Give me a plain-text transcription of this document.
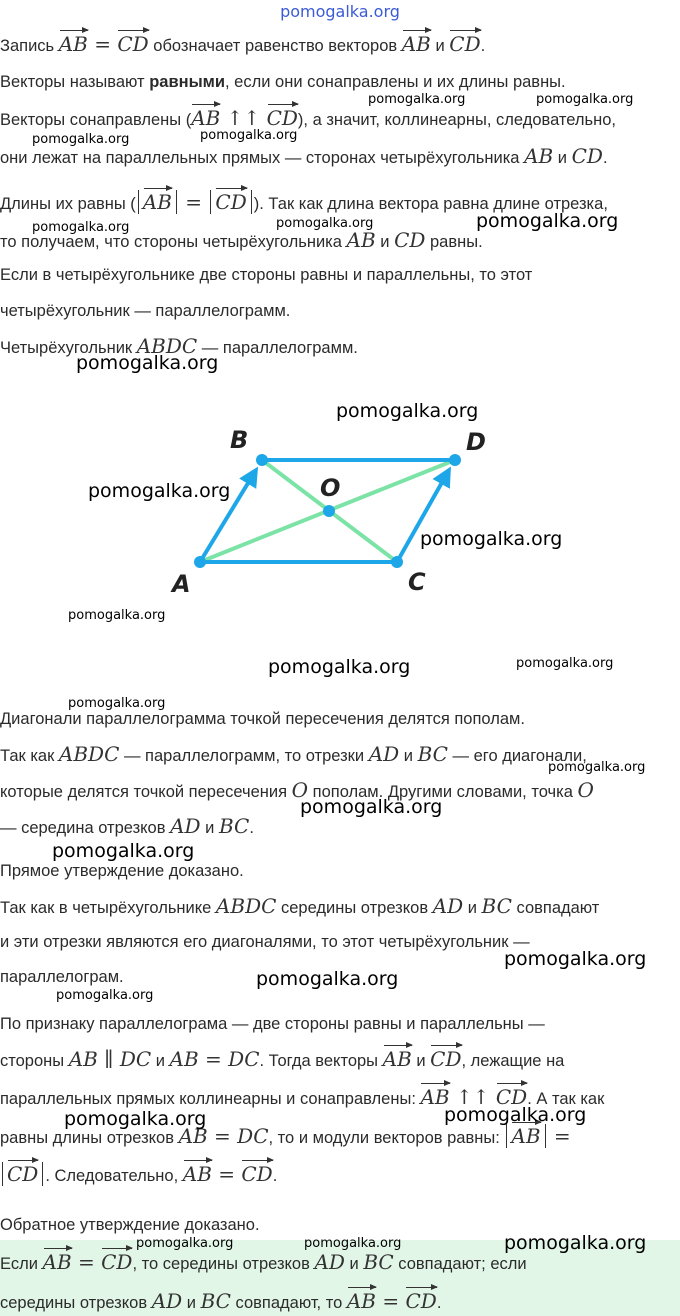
pomogalka.org
Запись AB = CD обозначает равенство векторов AB и CD.
Векторы называют равными, если они сонаправлены и их длины равны.
Векторы сонаправлены (AB ↑↑ CD), а значит, коллинеарны, следовательно,
они лежат на параллельных прямых — сторонах четырёхугольника AB и CD.
Длины их равны ( AB = CD ). Так как длина вектора равна длине отрезка,
то получаем, что стороны четырёхугольника AB и CD равны.
Если в четырёхугольнике две стороны равны и параллельны, то этот
четырёхугольник — параллелограмм.
Четырёхугольник ABDC — параллелограмм.
A
B
C
D
O
Диагонали параллелограмма точкой пересечения делятся пополам.
Так как ABDC — параллелограмм, то отрезки AD и BC — его диагонали,
которые делятся точкой пересечения O пополам. Другими словами, точка O
— середина отрезков AD и BC.
Прямое утверждение доказано.
Так как в четырёхугольнике ABDC середины отрезков AD и BC совпадают
и эти отрезки являются его диагоналями, то этот четырёхугольник —
параллелограм.
По признаку параллелограма — две стороны равны и параллельны —
стороны AB ∥ DC и AB = DC. Тогда векторы AB и CD, лежащие на
параллельных прямых коллинеарны и сонаправлены: AB ↑↑ CD. А так как
равны длины отрезков AB = DC, то и модули векторов равны: AB =
CD . Следовательно, AB = CD.
Обратное утверждение доказано.
Если AB = CD, то середины отрезков AD и BC совпадают; если
середины отрезков AD и BC совпадают, то AB = CD.
pomogalka.org	pomogalka.org
pomogalka.org	pomogalka.org
pomogalka.org	pomogalka.org	pomogalka.org
pomogalka.org
pomogalka.org
pomogalka.org
pomogalka.org
pomogalka.org
pomogalka.org	pomogalka.org
pomogalka.org
pomogalka.org
pomogalka.org
pomogalka.org
pomogalka.org
pomogalka.org
pomogalka.org
pomogalka.org	pomogalka.org
pomogalka.org	pomogalka.org	pomogalka.org
